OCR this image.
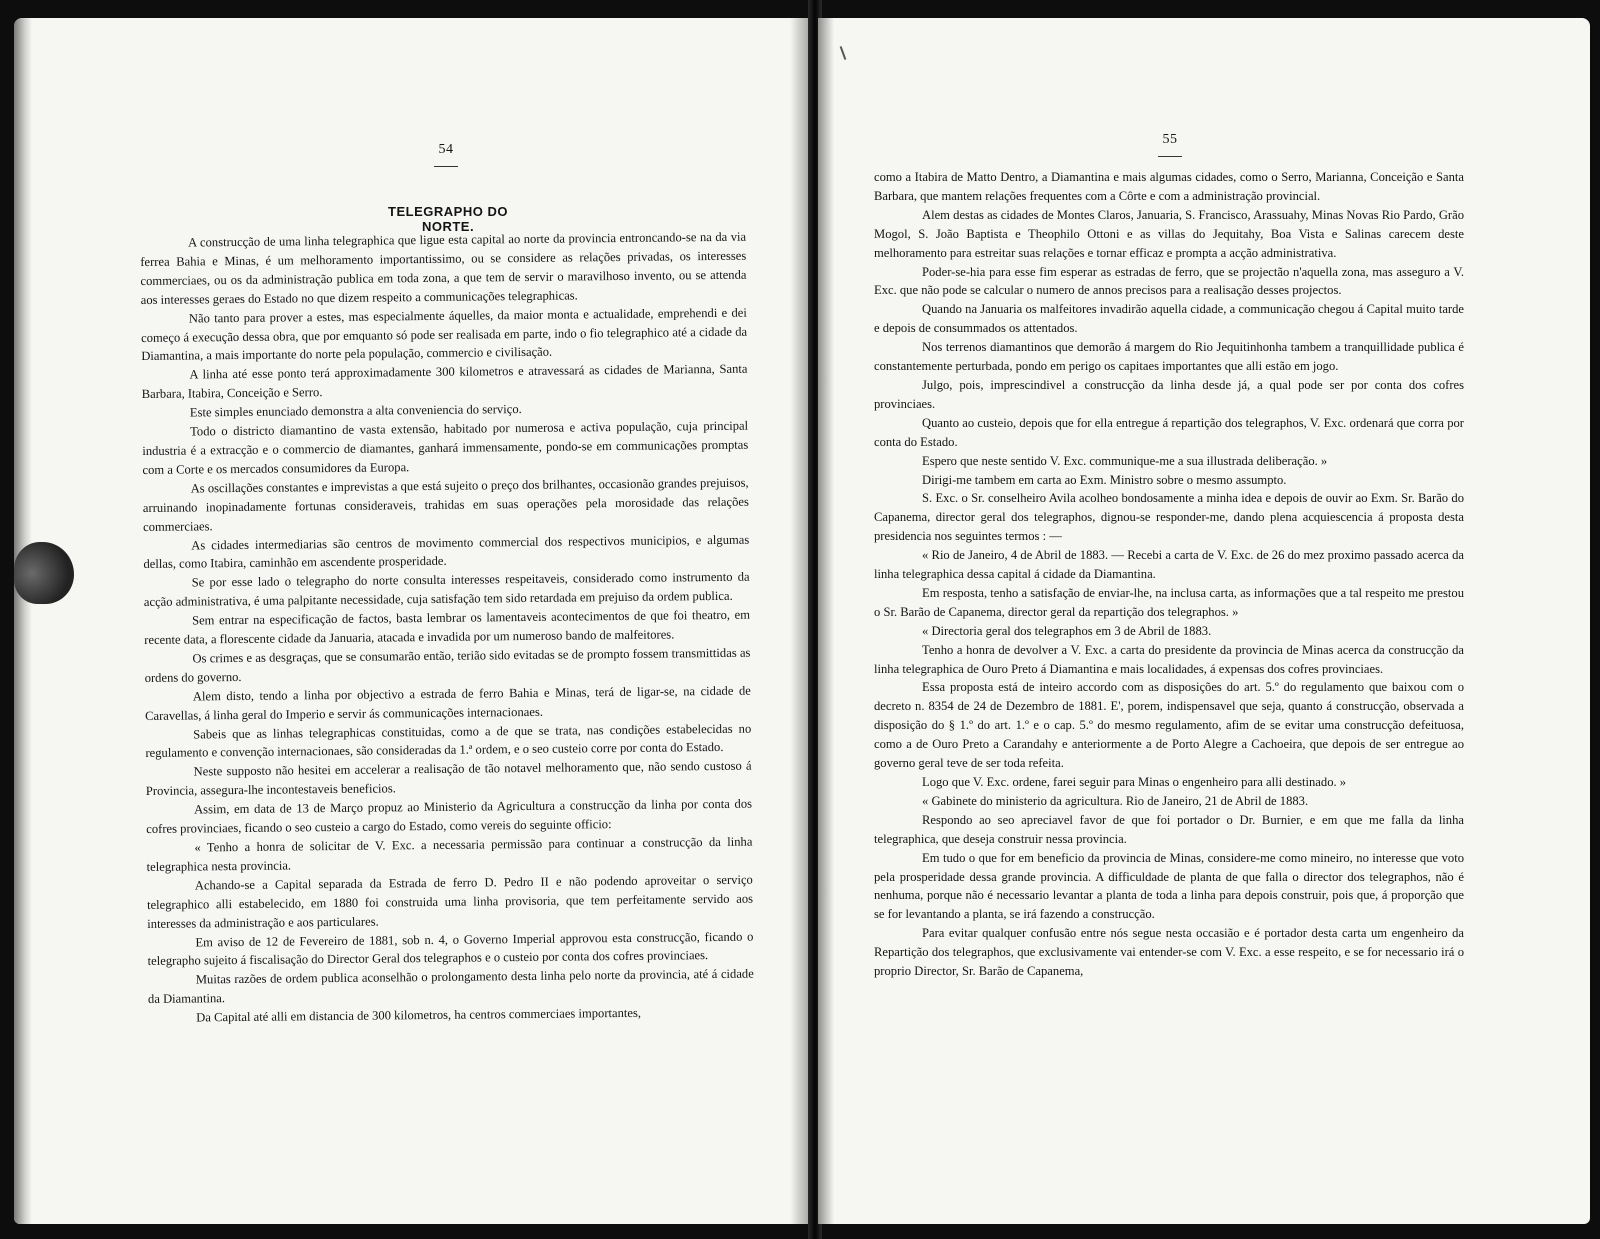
54
TELEGRAPHO DO NORTE.

A construcção de uma linha telegraphica que ligue esta capital ao norte da provincia entroncando-se na da via ferrea Bahia e Minas, é um melhoramento importantissimo, ou se considere as relações privadas, os interesses commerciaes, ou os da administração publica em toda zona, a que tem de servir o maravilhoso invento, ou se attenda aos interesses geraes do Estado no que dizem respeito a communicações telegraphicas.

Não tanto para prover a estes, mas especialmente áquelles, da maior monta e actualidade, emprehendi e dei começo á execução dessa obra, que por emquanto só pode ser realisada em parte, indo o fio telegraphico até a cidade da Diamantina, a mais importante do norte pela população, commercio e civilisação.

A linha até esse ponto terá approximadamente 300 kilometros e atravessará as cidades de Marianna, Santa Barbara, Itabira, Conceição e Serro.

Este simples enunciado demonstra a alta conveniencia do serviço.

Todo o districto diamantino de vasta extensão, habitado por numerosa e activa população, cuja principal industria é a extracção e o commercio de diamantes, ganhará immensamente, pondo-se em communicações promptas com a Corte e os mercados consumidores da Europa.

As oscillações constantes e imprevistas a que está sujeito o preço dos brilhantes, occasionão grandes prejuisos, arruinando inopinadamente fortunas consideraveis, trahidas em suas operações pela morosidade das relações commerciaes.

As cidades intermediarias são centros de movimento commercial dos respectivos municipios, e algumas dellas, como Itabira, caminhão em ascendente prosperidade.

Se por esse lado o telegrapho do norte consulta interesses respeitaveis, considerado como instrumento da acção administrativa, é uma palpitante necessidade, cuja satisfação tem sido retardada em prejuiso da ordem publica.

Sem entrar na especificação de factos, basta lembrar os lamentaveis acontecimentos de que foi theatro, em recente data, a florescente cidade da Januaria, atacada e invadida por um numeroso bando de malfeitores.

Os crimes e as desgraças, que se consumarão então, terião sido evitadas se de prompto fossem transmittidas as ordens do governo.

Alem disto, tendo a linha por objectivo a estrada de ferro Bahia e Minas, terá de ligar-se, na cidade de Caravellas, á linha geral do Imperio e servir ás communicações internacionaes.

Sabeis que as linhas telegraphicas constituidas, como a de que se trata, nas condições estabelecidas no regulamento e convenção internacionaes, são consideradas da 1.ª ordem, e o seo custeio corre por conta do Estado.

Neste supposto não hesitei em accelerar a realisação de tão notavel melhoramento que, não sendo custoso á Provincia, assegura-lhe incontestaveis beneficios.

Assim, em data de 13 de Março propuz ao Ministerio da Agricultura a construcção da linha por conta dos cofres provinciaes, ficando o seo custeio a cargo do Estado, como vereis do seguinte officio:

« Tenho a honra de solicitar de V. Exc. a necessaria permissão para continuar a construcção da linha telegraphica nesta provincia.

Achando-se a Capital separada da Estrada de ferro D. Pedro II e não podendo aproveitar o serviço telegraphico alli estabelecido, em 1880 foi construida uma linha provisoria, que tem perfeitamente servido aos interesses da administração e aos particulares.

Em aviso de 12 de Fevereiro de 1881, sob n. 4, o Governo Imperial approvou esta construcção, ficando o telegrapho sujeito á fiscalisação do Director Geral dos telegraphos e o custeio por conta dos cofres provinciaes.

Muitas razões de ordem publica aconselhão o prolongamento desta linha pelo norte da provincia, até á cidade da Diamantina.

Da Capital até alli em distancia de 300 kilometros, ha centros commerciaes importantes,

55

como a Itabira de Matto Dentro, a Diamantina e mais algumas cidades, como o Serro, Marianna, Conceição e Santa Barbara, que mantem relações frequentes com a Côrte e com a administração provincial.

Alem destas as cidades de Montes Claros, Januaria, S. Francisco, Arassuahy, Minas Novas Rio Pardo, Grão Mogol, S. João Baptista e Theophilo Ottoni e as villas do Jequitahy, Boa Vista e Salinas carecem deste melhoramento para estreitar suas relações e tornar efficaz e prompta a acção administrativa.

Poder-se-hia para esse fim esperar as estradas de ferro, que se projectão n'aquella zona, mas asseguro a V. Exc. que não pode se calcular o numero de annos precisos para a realisação desses projectos.

Quando na Januaria os malfeitores invadirão aquella cidade, a communicação chegou á Capital muito tarde e depois de consummados os attentados.

Nos terrenos diamantinos que demorão á margem do Rio Jequitinhonha tambem a tranquillidade publica é constantemente perturbada, pondo em perigo os capitaes importantes que alli estão em jogo.

Julgo, pois, imprescindivel a construcção da linha desde já, a qual pode ser por conta dos cofres provinciaes.

Quanto ao custeio, depois que for ella entregue á repartição dos telegraphos, V. Exc. ordenará que corra por conta do Estado.

Espero que neste sentido V. Exc. communique-me a sua illustrada deliberação. »

Dirigi-me tambem em carta ao Exm. Ministro sobre o mesmo assumpto.

S. Exc. o Sr. conselheiro Avila acolheo bondosamente a minha idea e depois de ouvir ao Exm. Sr. Barão do Capanema, director geral dos telegraphos, dignou-se responder-me, dando plena acquiescencia á proposta desta presidencia nos seguintes termos : —

« Rio de Janeiro, 4 de Abril de 1883. — Recebi a carta de V. Exc. de 26 do mez proximo passado acerca da linha telegraphica dessa capital á cidade da Diamantina.

Em resposta, tenho a satisfação de enviar-lhe, na inclusa carta, as informações que a tal respeito me prestou o Sr. Barão de Capanema, director geral da repartição dos telegraphos. »

« Directoria geral dos telegraphos em 3 de Abril de 1883.

Tenho a honra de devolver a V. Exc. a carta do presidente da provincia de Minas acerca da construcção da linha telegraphica de Ouro Preto á Diamantina e mais localidades, á expensas dos cofres provinciaes.

Essa proposta está de inteiro accordo com as disposições do art. 5.º do regulamento que baixou com o decreto n. 8354 de 24 de Dezembro de 1881. E', porem, indispensavel que seja, quanto á construcção, observada a disposição do § 1.º do art. 1.º e o cap. 5.º do mesmo regulamento, afim de se evitar uma construcção defeituosa, como a de Ouro Preto a Carandahy e anteriormente a de Porto Alegre a Cachoeira, que depois de ser entregue ao governo geral teve de ser toda refeita.

Logo que V. Exc. ordene, farei seguir para Minas o engenheiro para alli destinado. »

« Gabinete do ministerio da agricultura. Rio de Janeiro, 21 de Abril de 1883.

Respondo ao seo apreciavel favor de que foi portador o Dr. Burnier, e em que me falla da linha telegraphica, que deseja construir nessa provincia.

Em tudo o que for em beneficio da provincia de Minas, considere-me como mineiro, no interesse que voto pela prosperidade dessa grande provincia. A difficuldade de planta de que falla o director dos telegraphos, não é nenhuma, porque não é necessario levantar a planta de toda a linha para depois construir, pois que, á proporção que se for levantando a planta, se irá fazendo a construcção.

Para evitar qualquer confusão entre nós segue nesta occasião e é portador desta carta um engenheiro da Repartição dos telegraphos, que exclusivamente vai entender-se com V. Exc. a esse respeito, e se for necessario irá o proprio Director, Sr. Barão de Capanema,
